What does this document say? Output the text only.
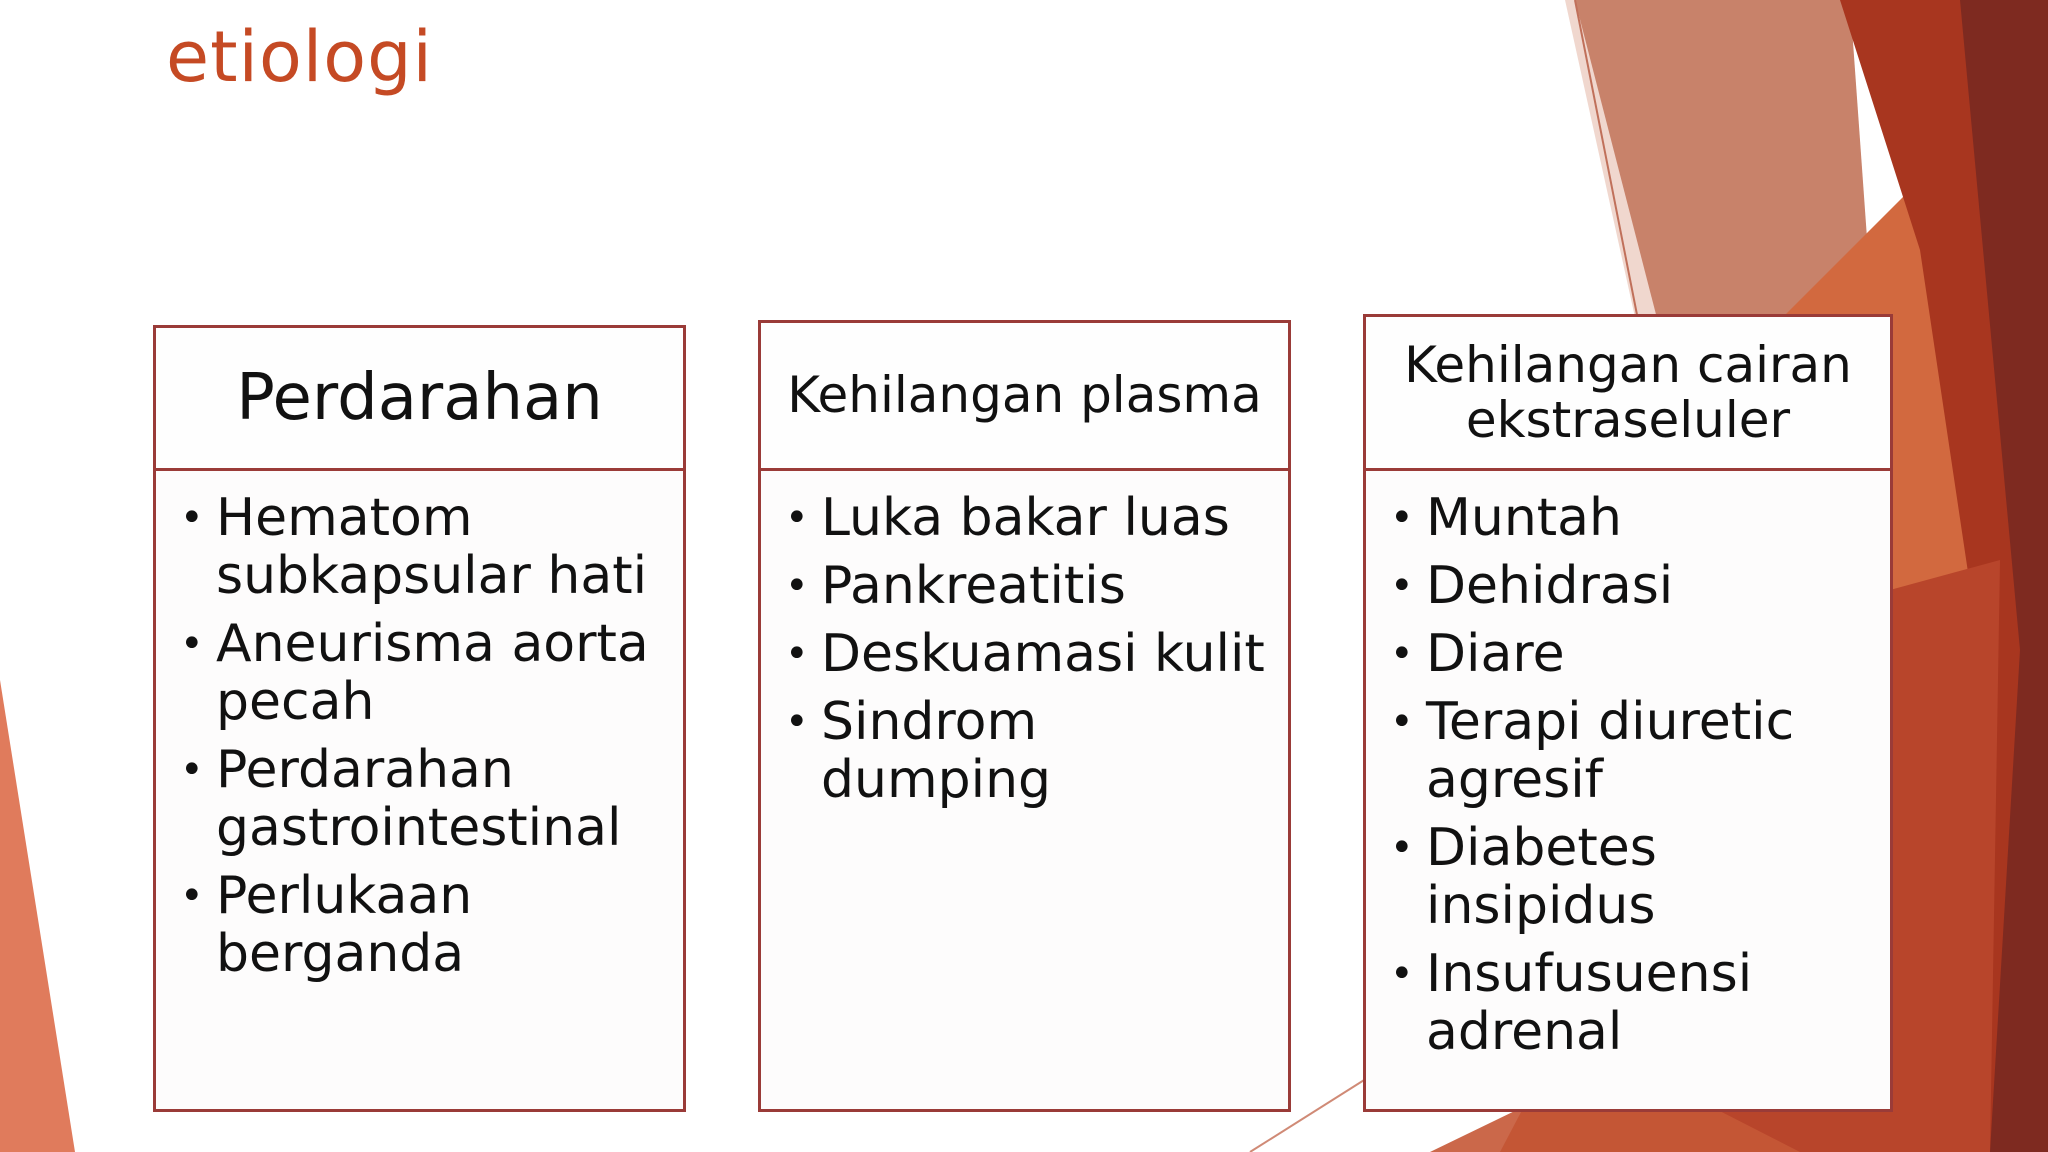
etiologi
Perdarahan
• Hematom subkapsular hati
• Aneurisma aorta pecah
• Perdarahan gastrointestinal
• Perlukaan berganda
Kehilangan plasma
• Luka bakar luas
• Pankreatitis
• Deskuamasi kulit
• Sindrom dumping
Kehilangan cairan ekstraseluler
• Muntah
• Dehidrasi
• Diare
• Terapi diuretic agresif
• Diabetes insipidus
• Insufusuensi adrenal
